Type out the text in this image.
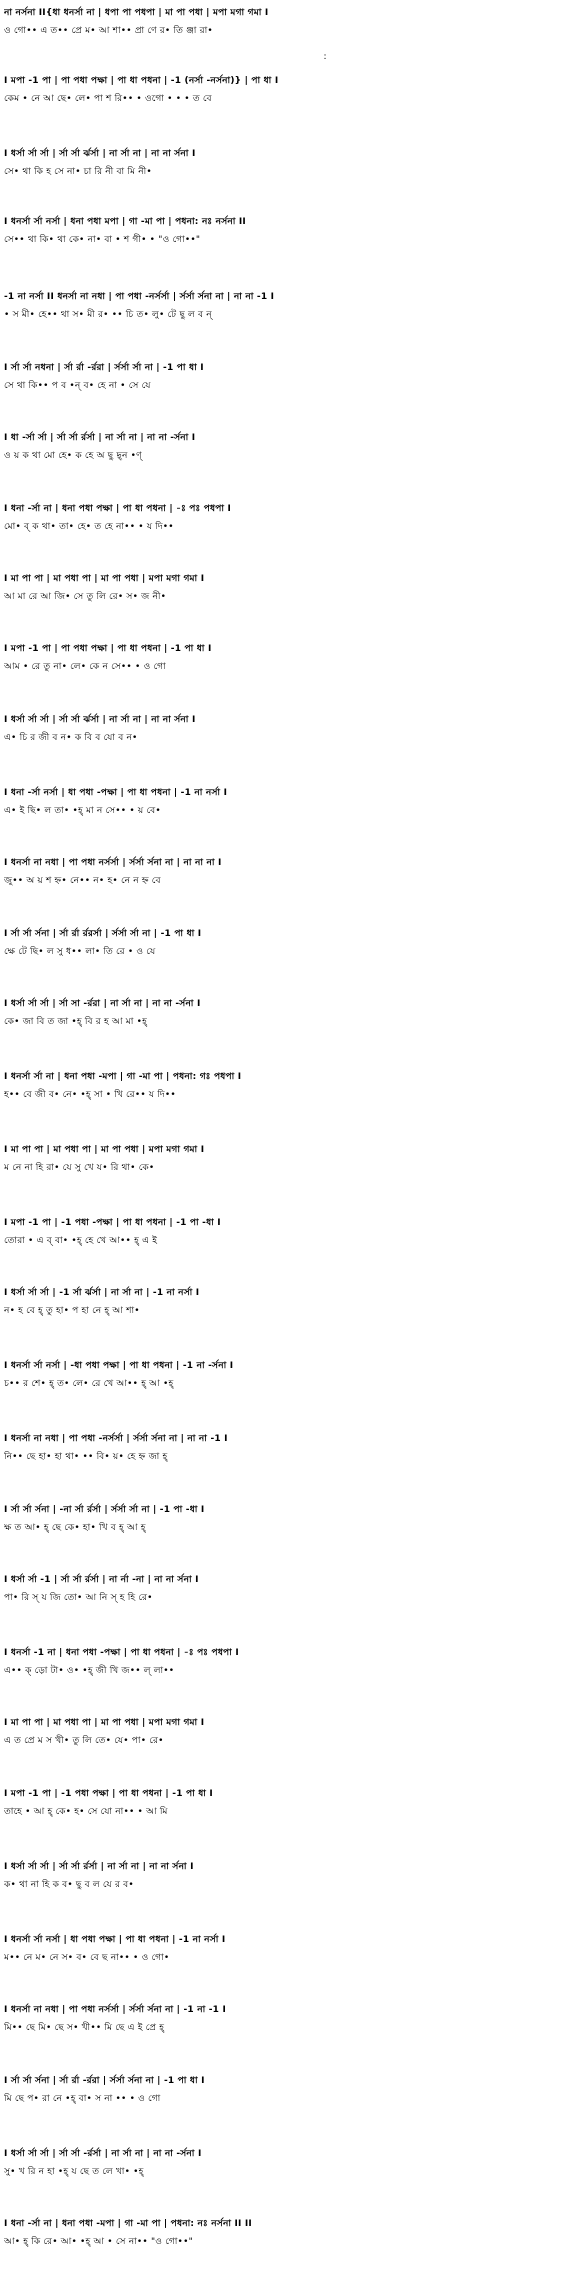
না নর্সনা II{ধা ধনর্সা না | ধপা পা পধপা | মা পা পধা | মপা মগা গমা I
ও গো•• এ ত•• প্রে ম• আ শা•• প্রা ণে র• তি ঞ্জা রা•
I মপা -1 পা | পা পধা পক্ষা | পা ধা পধনা | -1 (নর্সা -নর্সনা)} | পা ধা I
কেম • নে আ ছে• লে• পা শ রি•• • ওগো • • • ত বে
I ধর্সা র্সা র্সা | র্সা র্সা র্ঝর্সা | না র্সা না | না না র্সনা I
সে• থা কি হ সে না• চা রি নী বা মি নী•
I ধনর্সা র্সা নর্সা | ধনা পধা মপা | গা -মা পা | পধনা: নঃ নর্সনা II
সে•• থা কি• থা কে• না• বা • শ গী• • "ও গো••"
-1 না নর্সা II ধনর্সা না নধা | পা পধা -নর্সর্সা | র্সর্সা র্সনা না | না না -1 I
• স মী• হে•• থা স• মী র• •• চি ত• লু• টে ছু ল ব ন্
I র্সা র্সা নধনা | র্সা র্রা -র্ররা | র্সর্সা র্সা না | -1 পা ধা I
সে থা কি•• প ব •ন্ ব• হে না • সে যে
I ধা -র্সা র্সা | র্সা র্সা র্রর্সা | না র্সা না | না না -র্সনা I
ও য় ক থা মো হে• ক হে অ ছু ছ্ন •ণ্
I ধনা -র্সা না | ধনা পধা পক্ষা | পা ধা পধনা | -ঃ পঃ পধপা I
মো• ব্ ক থা• তা• হে• ত হে না•• • য দি••
I মা পা পা | মা পধা পা | মা পা পধা | মপা মগা গমা I
আ মা রে আ জি• সে তু লি রে• স• জ নী•
I মপা -1 পা | পা পধা পক্ষা | পা ধা পধনা | -1 পা ধা I
আম • রে তু না• লে• কে ন সে•• • ও গো
I ধর্সা র্সা র্সা | র্সা র্সা র্ঝর্সা | না র্সা না | না না র্সনা I
এ• চি র জী ব ন• ক বি ব যো ব ন•
I ধনা -র্সা নর্সা | ধা পধা -পক্ষা | পা ধা পধনা | -1 না নর্সা I
এ• ই ছি• ল তা• •হ্ মা ন সে•• • য় বে•
I ধনর্সা না নধা | পা পধা নর্সর্সা | র্সর্সা র্সনা না | না না না I
জু•• অ য় শ হ্ন• নে•• ন• হ• নে ন হ্ন বে
I র্সা র্সা র্সনা | র্সা র্রা র্ররর্সা | র্সর্সা র্সা না | -1 পা ধা I
ক্ষে টে ছি• ল সু ধ•• লা• তি রে • ও যে
I ধর্সা র্সা র্সা | র্সা সা -র্ররা | না র্সা না | না না -র্সনা I
কে• জা বি ত জা •হ্ বি র হ আ মা •হ্
I ধনর্সা র্সা না | ধনা পধা -মপা | গা -মা পা | পধনা: গঃ পধপা I
হ•• বে জী ব• নে• •হ্ সা • খি রে•• য দি••
I মা পা পা | মা পধা পা | মা পা পধা | মপা মগা গমা I
ম নে না হি রা• যে সু খে য• রি থা• কে•
I মপা -1 পা | -1 পধা -পক্ষা | পা ধা পধনা | -1 পা -ধা I
তোরা • এ ব্ বা• •হ্ হে খে আ•• হ্ এ ই
I ধর্সা র্সা র্সা | -1 র্সা র্ঝর্সা | না র্সা না | -1 না নর্সা I
ন• হ বে হ্ তু হা• প হা নে হ্ আ শা•
I ধনর্সা র্সা নর্সা | -ধা পধা পক্ষা | পা ধা পধনা | -1 না -র্সনা I
চ•• র শে• হ্ ত• লে• রে খে আ•• হ্ আ •হ্
I ধনর্সা না নধা | পা পধা -নর্সর্সা | র্সর্সা র্সনা না | না না -1 I
নি•• ছে হা• হা থা• •• বি• য়• হে হ্ন জা হ্
I র্সা র্সা র্সনা | -না র্সা র্রর্সা | র্সর্সা র্সা না | -1 পা -ধা I
ক্ষ ত আ• হ্ ছে কে• হা• খি ব হ্ আ হ্
I ধর্সা র্সা -1 | র্সা র্সা র্রর্সা | না র্না -না | না না র্সনা I
পা• রি স্ য জি তো• আ নি স্ হ হি রে•
I ধনর্সা -1 না | ধনা পধা -পক্ষা | পা ধা পধনা | -ঃ পঃ পধপা I
এ•• ক্ ড়ো টা• ও• •হ্ জী খি জ•• ল্ লা••
I মা পা পা | মা পধা পা | মা পা পধা | মপা মগা গমা I
এ ত প্রে ম স খী• তু লি তে• যে• পা• রে•
I মপা -1 পা | -1 পধা পক্ষা | পা ধা পধনা | -1 পা ধা I
তাহে • আ হ্ কে• হ• সে যো না•• • আ মি
I ধর্সা র্সা র্সা | র্সা র্সা র্রর্সা | না র্সা না | না না র্সনা I
ক• থা না হি ক ব• ছু ব ল যে র ব•
I ধনর্সা র্সা নর্সা | ধা পধা পক্ষা | পা ধা পধনা | -1 না নর্সা I
ম•• নে ম• নে স• ব• বে ছ না•• • ও গো•
I ধনর্সা না নধা | পা পধা নর্সর্সা | র্সর্সা র্সনা না | -1 না -1 I
মি•• ছে মি• ছে স• খী•• মি ছে এ ই প্রে হ্
I র্সা র্সা র্সনা | র্সা র্রা -র্ররা | র্সর্সা র্সনা না | -1 পা ধা I
মি ছে প• রা নে •হ্ বা• স না •• • ও গো
I ধর্সা র্সা র্সা | র্সা র্সা -র্রর্সা | না র্সা না | না না -র্সনা I
সু• খ রি ন হা •হ্ য ছে ত লে খা• •হ্
I ধনা -র্সা না | ধনা পধা -মপা | গা -মা পা | পধনা: নঃ নর্সনা II II
আ• হ্ কি রে• আ• •হ্ আ • সে না•• "ও গো••"
:
